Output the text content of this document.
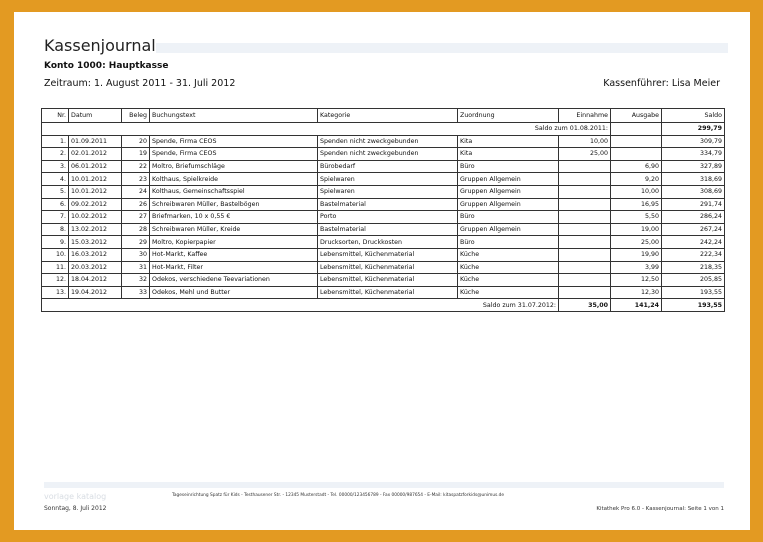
Kassenjournal
Konto 1000: Hauptkasse
Zeitraum: 1. August 2011 - 31. Juli 2012	Kassenführer: Lisa Meier
Nr.	Datum	Beleg	Buchungstext	Kategorie	Zuordnung	Einnahme	Ausgabe	Saldo
Saldo zum 01.08.2011:								299,79
1.	01.09.2011	20	Spende, Firma CEOS	Spenden nicht zweckgebunden	Kita	10,00		309,79
2.	02.01.2012	19	Spende, Firma CEOS	Spenden nicht zweckgebunden	Kita	25,00		334,79
3.	06.01.2012	22	Moltro, Briefumschläge	Bürobedarf	Büro		6,90	327,89
4.	10.01.2012	23	Kolthaus, Spielkreide	Spielwaren	Gruppen Allgemein		9,20	318,69
5.	10.01.2012	24	Kolthaus, Gemeinschaftsspiel	Spielwaren	Gruppen Allgemein		10,00	308,69
6.	09.02.2012	26	Schreibwaren Müller, Bastelbögen	Bastelmaterial	Gruppen Allgemein		16,95	291,74
7.	10.02.2012	27	Briefmarken, 10 x 0,55 €	Porto	Büro		5,50	286,24
8.	13.02.2012	28	Schreibwaren Müller, Kreide	Bastelmaterial	Gruppen Allgemein		19,00	267,24
9.	15.03.2012	29	Moltro, Kopierpapier	Drucksorten, Druckkosten	Büro		25,00	242,24
10.	16.03.2012	30	Hot-Markt, Kaffee	Lebensmittel, Küchenmaterial	Küche		19,90	222,34
11.	20.03.2012	31	Hot-Markt, Filter	Lebensmittel, Küchenmaterial	Küche		3,99	218,35
12.	18.04.2012	32	Odekos, verschiedene Teevariationen	Lebensmittel, Küchenmaterial	Küche		12,50	205,85
13.	19.04.2012	33	Odekos, Mehl und Butter	Lebensmittel, Küchenmaterial	Küche		12,30	193,55
Saldo zum 31.07.2012:						35,00	141,24	193,55
vorlage katalog	Tageseinrichtung Spatz für Kids - Testhausener Str. - 12345 Musterstadt - Tel. 00000/123456789 - Fax 00000/987654 - E-Mail: kitaspatzforkids@unimus.de
Sonntag, 8. Juli 2012	Kitathek Pro 6.0 - Kassenjournal: Seite 1 von 1
